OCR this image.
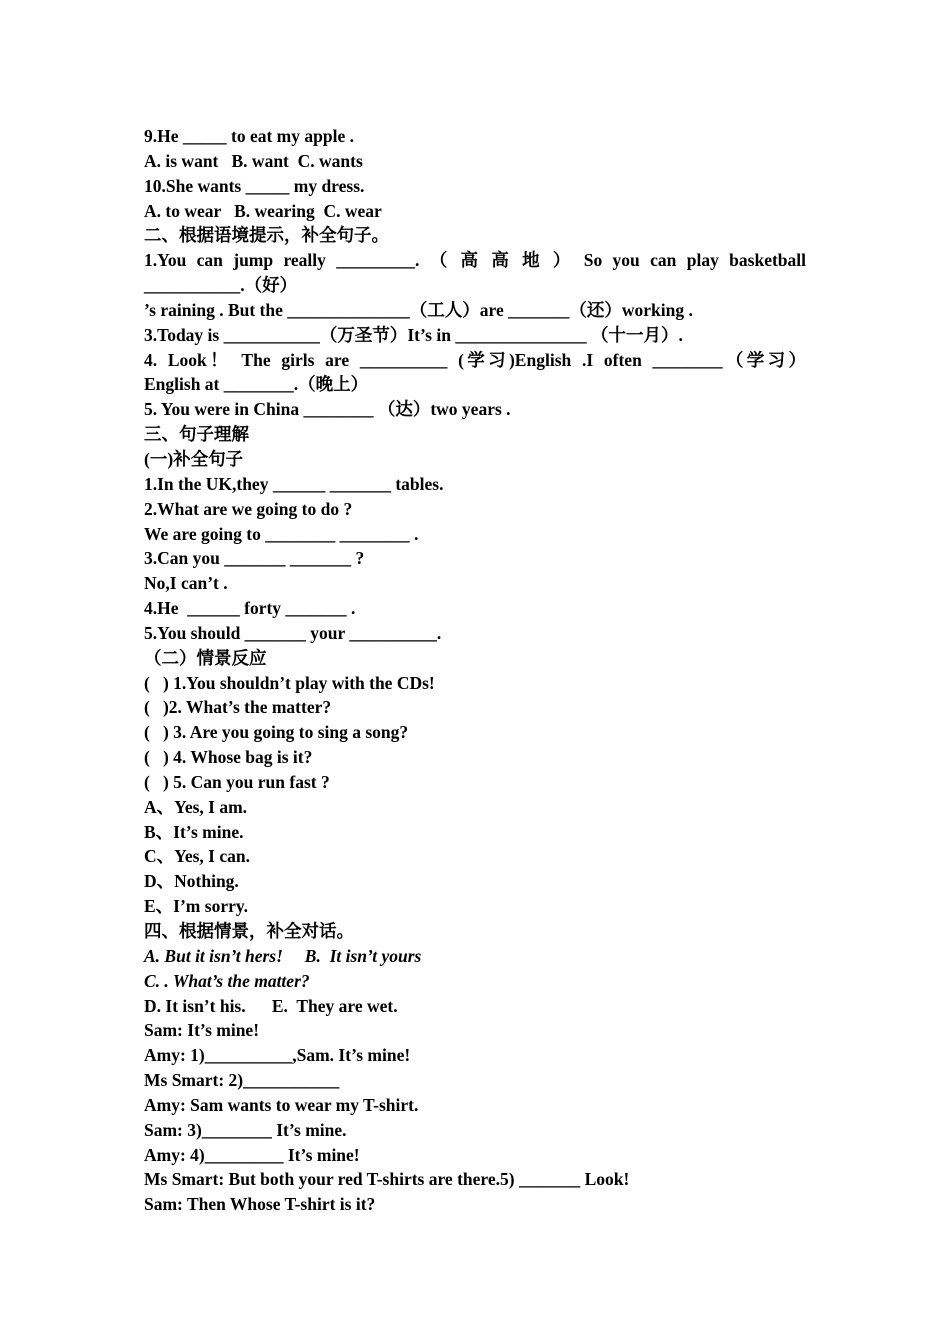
9.He _____ to eat my apple .
A. is want   B. want  C. wants
10.She wants _____ my dress.
A. to wear   B. wearing  C. wear
二、根据语境提示，补全句子。
1.You can jump really _________. （ 高 高 地 ） So you can play basketball
___________.（好）
’s raining . But the ______________（工人）are _______（还）working .
3.Today is ___________（万圣节）It’s in _______________ （十一月）.
4. Look！ The girls are __________ (学习)English .I often ________（学习）
English at ________.（晚上）
5. You were in China ________ （达）two years .
三、句子理解
(一)补全句子
1.In the UK,they ______ _______ tables.
2.What are we going to do ?
We are going to ________ ________ .
3.Can you _______ _______ ?
No,I can’t .
4.He  ______ forty _______ .
5.You should _______ your __________.
（二）情景反应
(   ) 1.You shouldn’t play with the CDs!
(   )2. What’s the matter?
(   ) 3. Are you going to sing a song?
(   ) 4. Whose bag is it?
(   ) 5. Can you run fast ?
A、Yes, I am.
B、It’s mine.
C、Yes, I can.
D、Nothing.
E、I’m sorry.
四、根据情景，补全对话。
A. But it isn’t hers!     B.  It isn’t yours
C. . What’s the matter?
D. It isn’t his.      E.  They are wet.
Sam: It’s mine!
Amy: 1)__________,Sam. It’s mine!
Ms Smart: 2)___________
Amy: Sam wants to wear my T-shirt.
Sam: 3)________ It’s mine.
Amy: 4)_________ It’s mine!
Ms Smart: But both your red T-shirts are there.5) _______ Look!
Sam: Then Whose T-shirt is it?
